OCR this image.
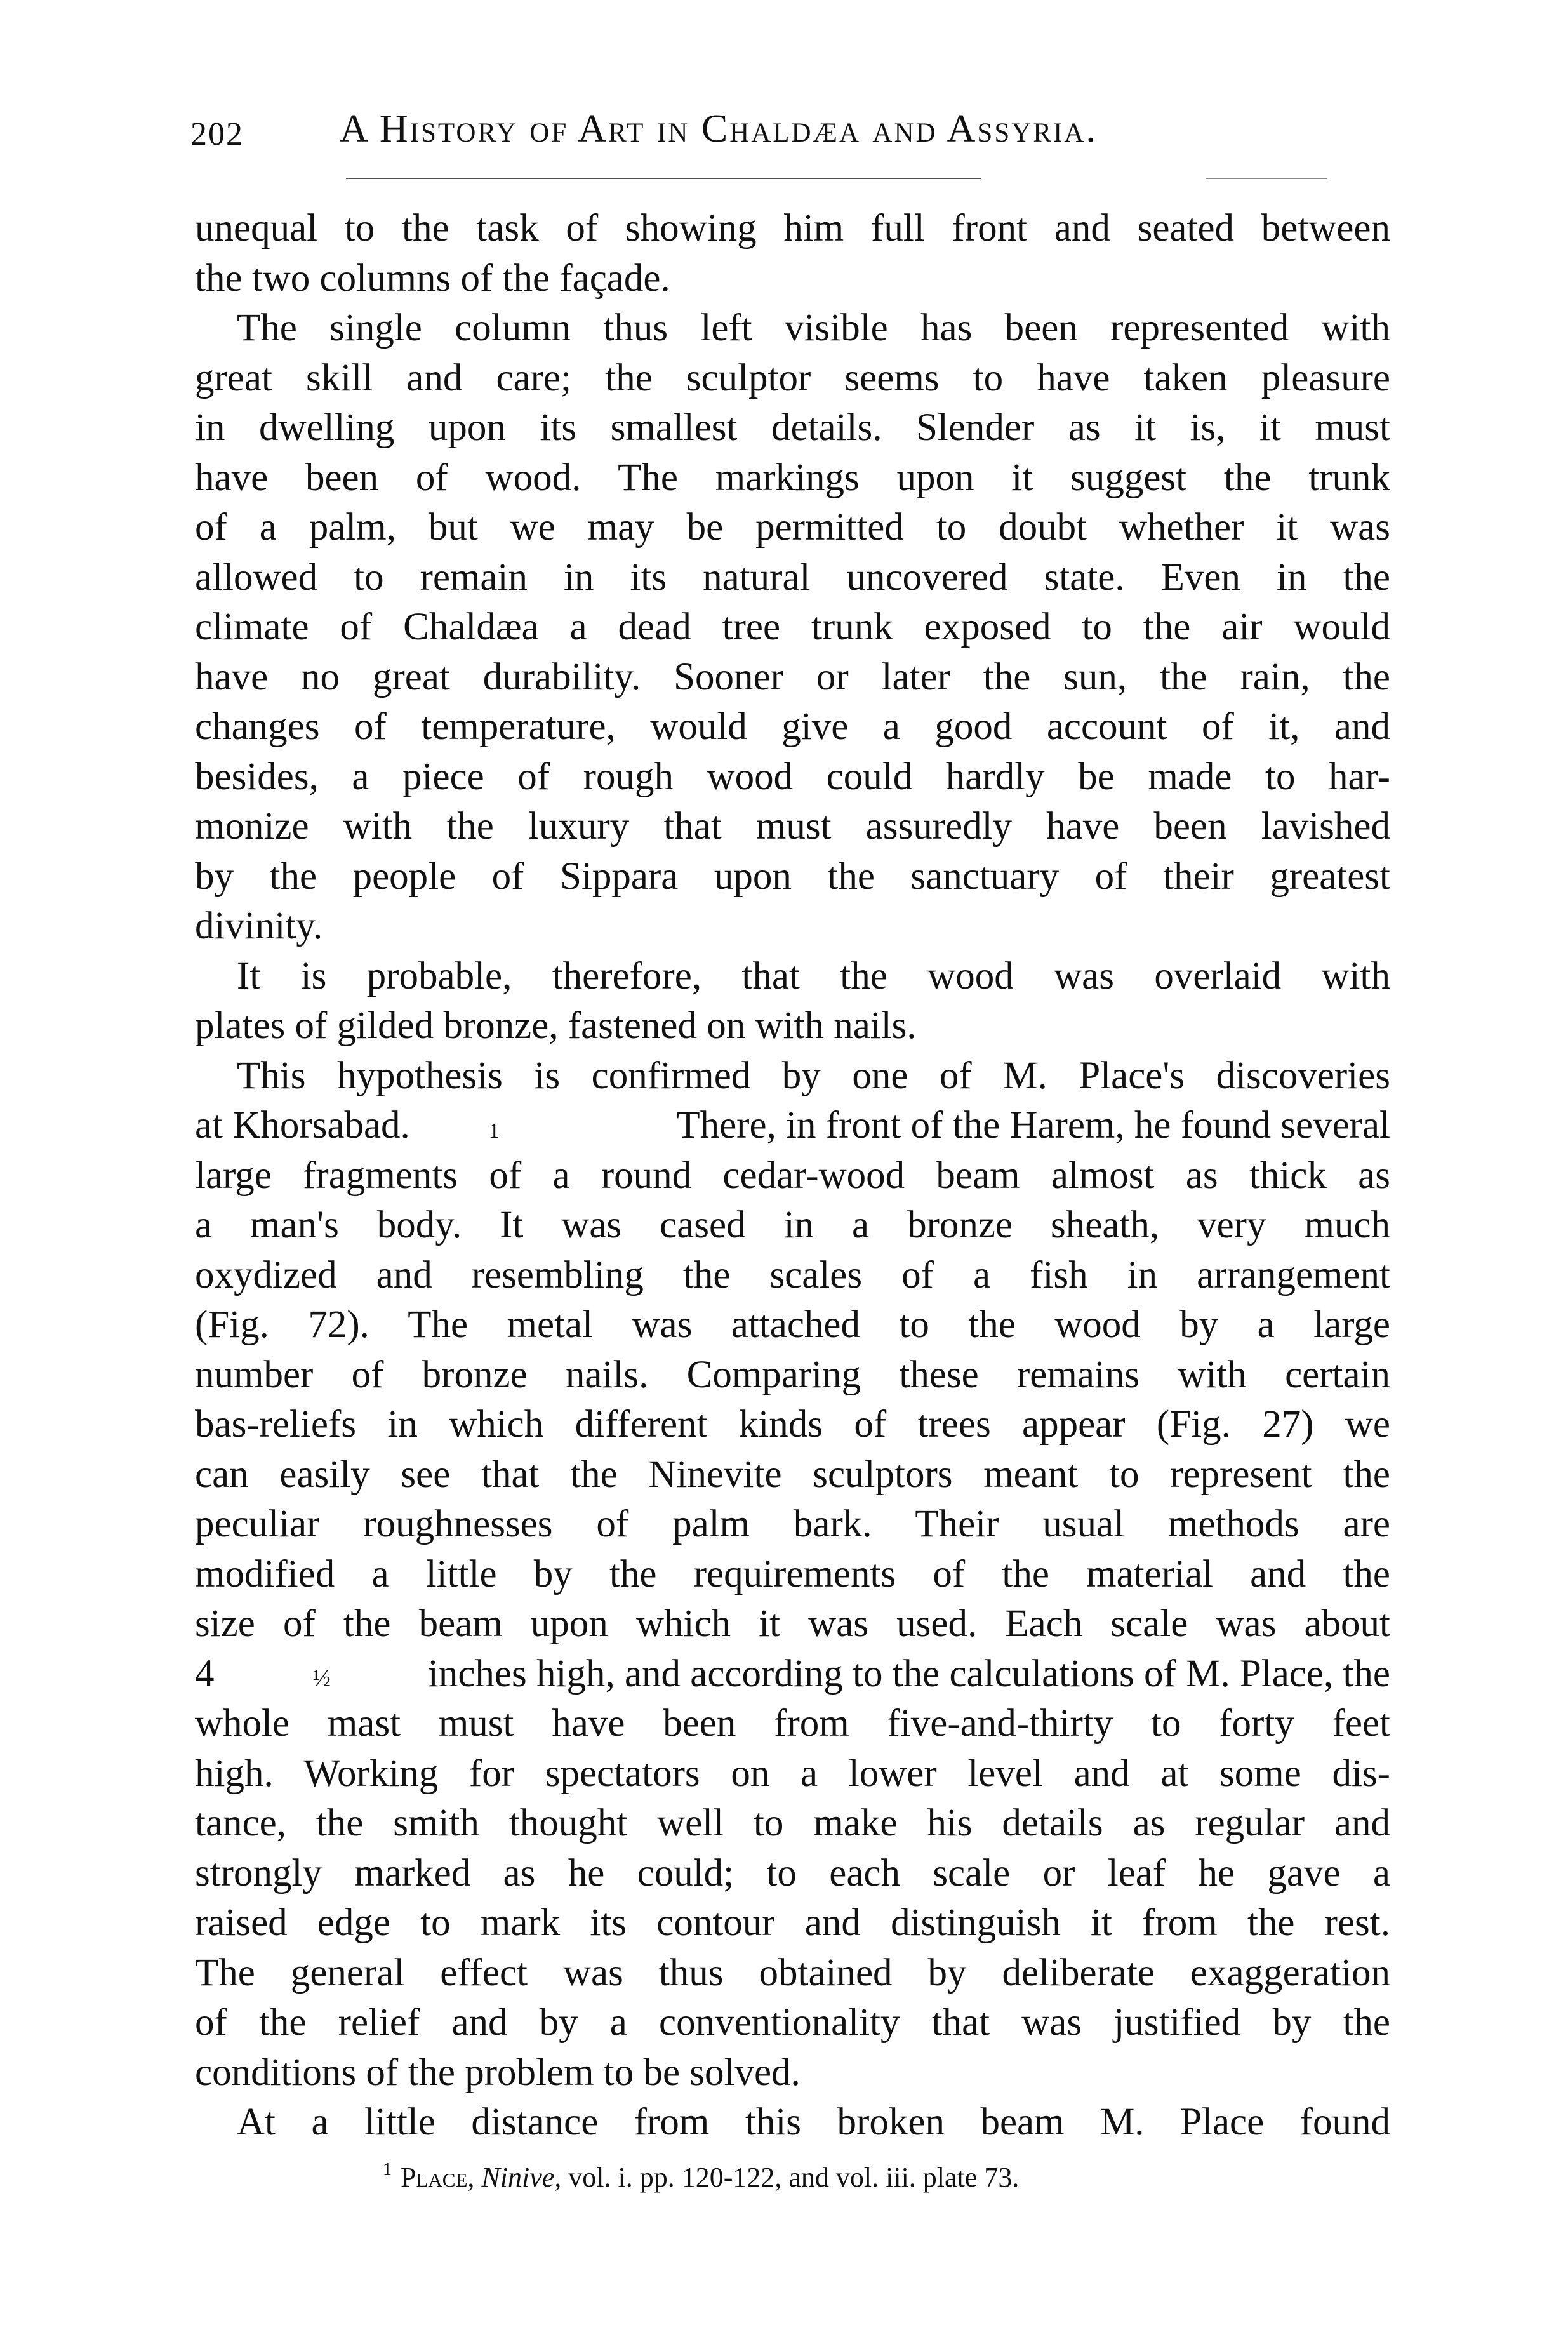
202 A History of Art in Chaldæa and Assyria.
unequal to the task of showing him full front and seated between
the two columns of the façade.
The single column thus left visible has been represented with
great skill and care; the sculptor seems to have taken pleasure
in dwelling upon its smallest details. Slender as it is, it must
have been of wood. The markings upon it suggest the trunk
of a palm, but we may be permitted to doubt whether it was
allowed to remain in its natural uncovered state. Even in the
climate of Chaldæa a dead tree trunk exposed to the air would
have no great durability. Sooner or later the sun, the rain, the
changes of temperature, would give a good account of it, and
besides, a piece of rough wood could hardly be made to har-
monize with the luxury that must assuredly have been lavished
by the people of Sippara upon the sanctuary of their greatest
divinity.
It is probable, therefore, that the wood was overlaid with
plates of gilded bronze, fastened on with nails.
This hypothesis is confirmed by one of M. Place's discoveries
at Khorsabad.	1
 	There, in front of the Harem, he found several
large fragments of a round cedar-wood beam almost as thick as
a man's body. It was cased in a bronze sheath, very much
oxydized and resembling the scales of a fish in arrangement
(Fig. 72). The metal was attached to the wood by a large
number of bronze nails. Comparing these remains with certain
bas-reliefs in which different kinds of trees appear (Fig. 27) we
can easily see that the Ninevite sculptors meant to represent the
peculiar roughnesses of palm bark. Their usual methods are
modified a little by the requirements of the material and the
size of the beam upon which it was used. Each scale was about
4	½	inches high, and according to the calculations of M. Place, the
whole mast must have been from five-and-thirty to forty feet
high. Working for spectators on a lower level and at some dis-
tance, the smith thought well to make his details as regular and
strongly marked as he could; to each scale or leaf he gave a
raised edge to mark its contour and distinguish it from the rest.
The general effect was thus obtained by deliberate exaggeration
of the relief and by a conventionality that was justified by the
conditions of the problem to be solved.
At a little distance from this broken beam M. Place found
$^1$ Place, Ninive, vol. i. pp. 120-122, and vol. iii. plate 73.
